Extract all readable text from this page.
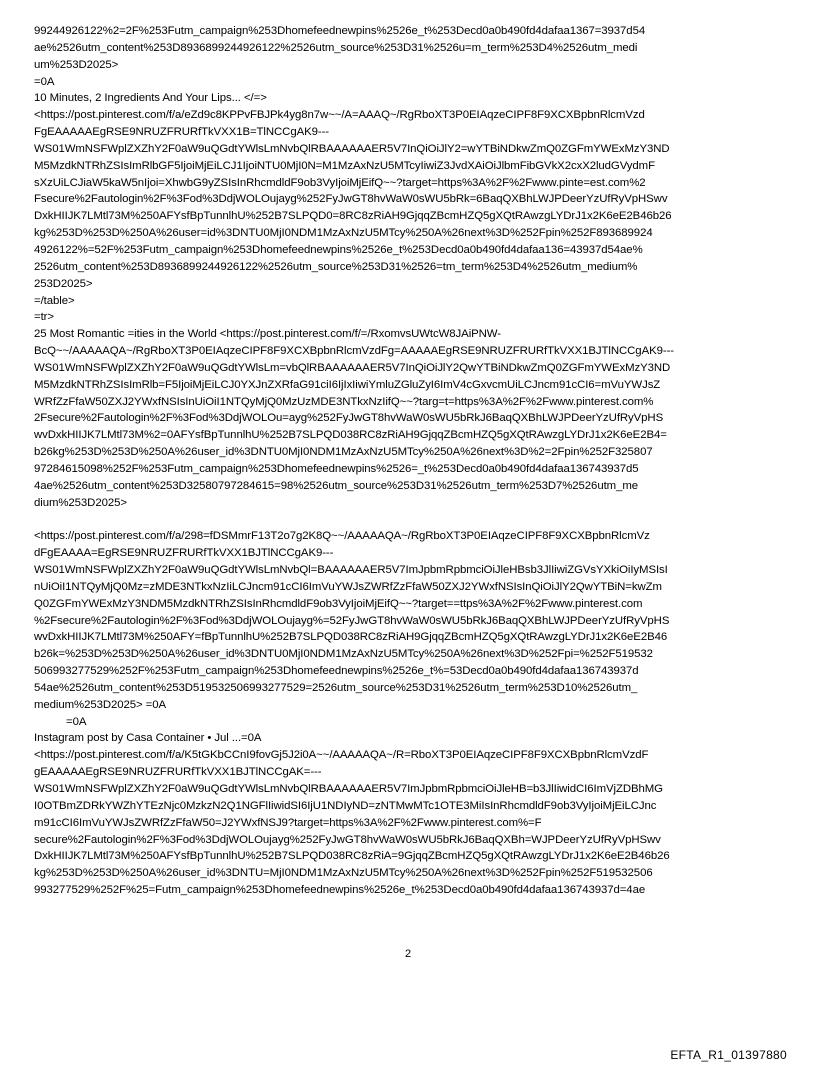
99244926122%2=2F%253Futm_campaign%253Dhomefeednewpins%2526e_t%253Decd0a0b490fd4dafaa1367=3937d54
ae%2526utm_content%253D8936899244926122%2526utm_source%253D31%2526u=m_term%253D4%2526utm_medi
um%253D2025>
=0A
10 Minutes, 2 Ingredients And Your Lips... </=>
<https://post.pinterest.com/f/a/eZd9c8KPPvFBJPk4yg8n7w~~/A=AAAQ~/RgRboXT3P0EIAqzeCIPF8F9XCXBpbnRlcmVzd
FgEAAAAAEgRSE9NRUZFRURfTkVXX1B=TlNCCgAK9---
WS01WmNSFWplZXZhY2F0aW9uQGdtYWlsLmNvbQlRBAAAAAAER5V7InQiOiJlY2=wYTBiNDkwZmQ0ZGFmYWExMzY3ND
M5MzdkNTRhZSIsImRlbGF5IjoiMjEiLCJ1IjoiNTU0MjI0N=M1MzAxNzU5MTcyIiwiZ3JvdXAiOiJlbmFibGVkX2cxX2ludGVydmF
sXzUiLCJiaW5kaW5nIjoi=XhwbG9yZSIsInRhcmdldF9ob3VyIjoiMjEifQ~~?target=https%3A%2F%2Fwww.pinte=est.com%2
Fsecure%2Fautologin%2F%3Fod%3DdjWOLOujayg%252FyJwGT8hvWaW0sWU5bRk=6BaqQXBhLWJPDeerYzUfRyVpHSwv
DxkHIIJK7LMtl73M%250AFYsfBpTunnlhU%252B7SLPQD0=8RC8zRiAH9GjqqZBcmHZQ5gXQtRAwzgLYDrJ1x2K6eE2B46b26
kg%253D%253D%250A%26user=id%3DNTU0MjI0NDM1MzAxNzU5MTcy%250A%26next%3D%252Fpin%252F893689924
4926122%=52F%253Futm_campaign%253Dhomefeednewpins%2526e_t%253Decd0a0b490fd4dafaa136=43937d54ae%
2526utm_content%253D8936899244926122%2526utm_source%253D31%2526=tm_term%253D4%2526utm_medium%
253D2025>
=/table>
=tr>
25 Most Romantic =ities in the World <https://post.pinterest.com/f/=/RxomvsUWtcW8JAiPNW-
BcQ~~/AAAAAQA~/RgRboXT3P0EIAqzeCIPF8F9XCXBpbnRlcmVzdFg=AAAAAEgRSE9NRUZFRURfTkVXX1BJTlNCCgAK9---
WS01WmNSFWplZXZhY2F0aW9uQGdtYWlsLm=vbQlRBAAAAAAER5V7InQiOiJlY2QwYTBiNDkwZmQ0ZGFmYWExMzY3ND
M5MzdkNTRhZSIsImRlb=F5IjoiMjEiLCJ0YXJnZXRfaG91ciI6IjIxIiwiYmluZGluZyI6ImV4cGxvcmUiLCJncm91cCI6=mVuYWJsZ
WRfZzFfaW50ZXJ2YWxfNSIsInUiOiI1NTQyMjQ0MzUzMDE3NTkxNzIifQ~~?targ=t=https%3A%2F%2Fwww.pinterest.com%
2Fsecure%2Fautologin%2F%3Fod%3DdjWOLOu=ayg%252FyJwGT8hvWaW0sWU5bRkJ6BaqQXBhLWJPDeerYzUfRyVpHS
wvDxkHIIJK7LMtl73M%2=0AFYsfBpTunnlhU%252B7SLPQD038RC8zRiAH9GjqqZBcmHZQ5gXQtRAwzgLYDrJ1x2K6eE2B4=
b26kg%253D%253D%250A%26user_id%3DNTU0MjI0NDM1MzAxNzU5MTcy%250A%26next%3D%2=2Fpin%252F325807
97284615098%252F%253Futm_campaign%253Dhomefeednewpins%2526=_t%253Decd0a0b490fd4dafaa136743937d5
4ae%2526utm_content%253D32580797284615=98%2526utm_source%253D31%2526utm_term%253D7%2526utm_me
dium%253D2025>
<https://post.pinterest.com/f/a/298=fDSMmrF13T2o7g2K8Q~~/AAAAAQA~/RgRboXT3P0EIAqzeCIPF8F9XCXBpbnRlcmVz
dFgEAAAA=EgRSE9NRUZFRURfTkVXX1BJTlNCCgAK9---
WS01WmNSFWplZXZhY2F0aW9uQGdtYWlsLmNvbQl=BAAAAAAER5V7ImJpbmRpbmciOiJleHBsb3JlIiwiZGVsYXkiOiIyMSIsI
nUiOiI1NTQyMjQ0Mz=zMDE3NTkxNzIiLCJncm91cCI6ImVuYWJsZWRfZzFfaW50ZXJ2YWxfNSIsInQiOiJlY2QwYTBiN=kwZm
Q0ZGFmYWExMzY3NDM5MzdkNTRhZSIsInRhcmdldF9ob3VyIjoiMjEifQ~~?target==ttps%3A%2F%2Fwww.pinterest.com
%2Fsecure%2Fautologin%2F%3Fod%3DdjWOLOujayg%=52FyJwGT8hvWaW0sWU5bRkJ6BaqQXBhLWJPDeerYzUfRyVpHS
wvDxkHIIJK7LMtl73M%250AFY=fBpTunnlhU%252B7SLPQD038RC8zRiAH9GjqqZBcmHZQ5gXQtRAwzgLYDrJ1x2K6eE2B46
b26k=%253D%253D%250A%26user_id%3DNTU0MjI0NDM1MzAxNzU5MTcy%250A%26next%3D%252Fpi=%252F519532
506993277529%252F%253Futm_campaign%253Dhomefeednewpins%2526e_t%=53Decd0a0b490fd4dafaa136743937d
54ae%2526utm_content%253D519532506993277529=2526utm_source%253D31%2526utm_term%253D10%2526utm_
medium%253D2025> =0A
=0A
Instagram post by Casa Container • Jul ...=0A
<https://post.pinterest.com/f/a/K5tGKbCCnI9fovGj5J2i0A~~/AAAAAQA~/R=RboXT3P0EIAqzeCIPF8F9XCXBpbnRlcmVzdF
gEAAAAAEgRSE9NRUZFRURfTkVXX1BJTlNCCgAK=---
WS01WmNSFWplZXZhY2F0aW9uQGdtYWlsLmNvbQlRBAAAAAAER5V7ImJpbmRpbmciOiJleHB=b3JlIiwidCI6ImVjZDBhMG
I0OTBmZDRkYWZhYTEzNjc0MzkzN2Q1NGFlIiwidSI6IjU1NDIyND=zNTMwMTc1OTE3MiIsInRhcmdldF9ob3VyIjoiMjEiLCJnc
m91cCI6ImVuYWJsZWRfZzFfaW50=J2YWxfNSJ9?target=https%3A%2F%2Fwww.pinterest.com%=F
secure%2Fautologin%2F%3Fod%3DdjWOLOujayg%252FyJwGT8hvWaW0sWU5bRkJ6BaqQXBh=WJPDeerYzUfRyVpHSwv
DxkHIIJK7LMtl73M%250AFYsfBpTunnlhU%252B7SLPQD038RC8zRiA=9GjqqZBcmHZQ5gXQtRAwzgLYDrJ1x2K6eE2B46b26
kg%253D%253D%250A%26user_id%3DNTU=MjI0NDM1MzAxNzU5MTcy%250A%26next%3D%252Fpin%252F519532506
993277529%252F%25=Futm_campaign%253Dhomefeednewpins%2526e_t%253Decd0a0b490fd4dafaa136743937d=4ae
2
EFTA_R1_01397880
